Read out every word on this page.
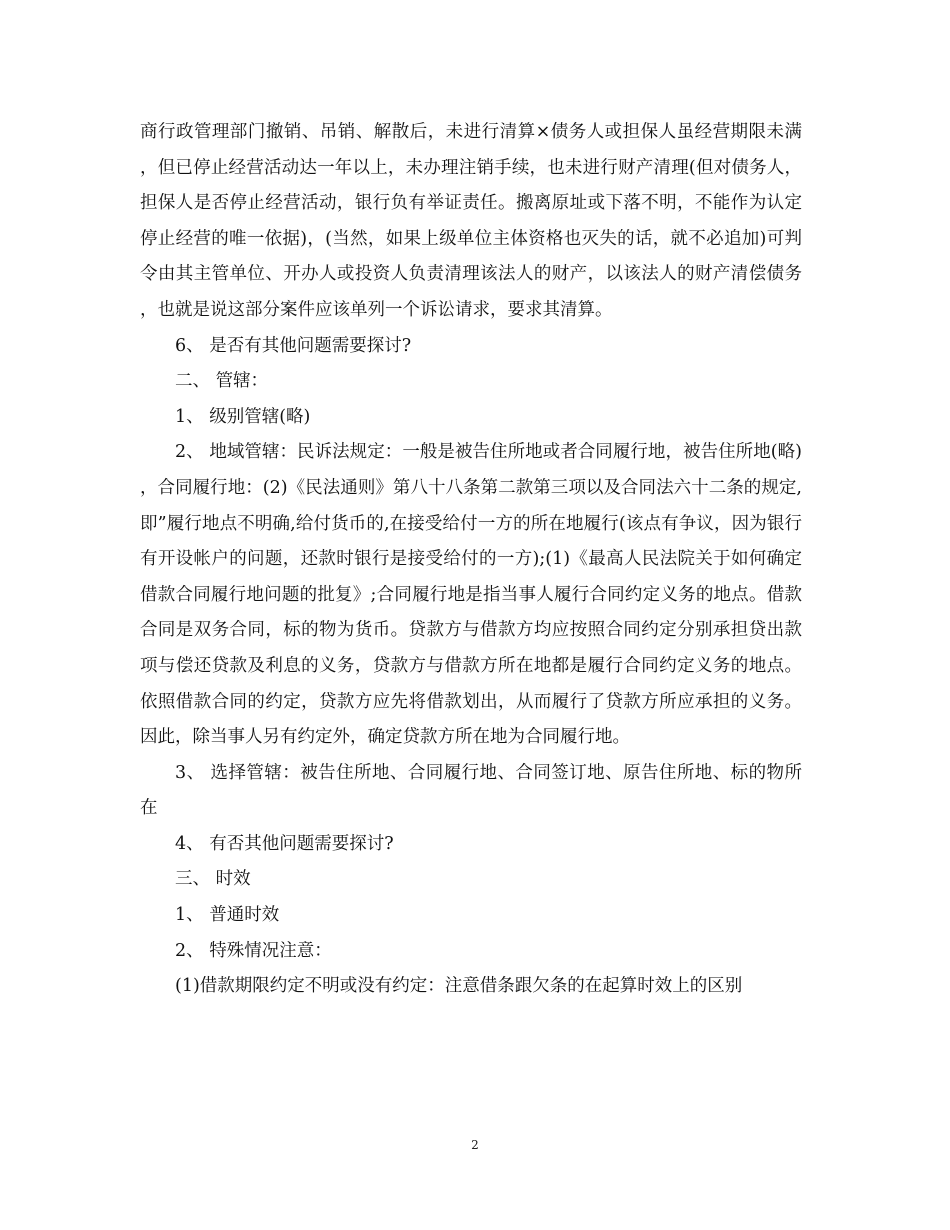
商行政管理部门撤销、吊销、解散后，未进行清算×债务人或担保人虽经营期限未满，但已停止经营活动达一年以上，未办理注销手续，也未进行财产清理(但对债务人，担保人是否停止经营活动，银行负有举证责任。搬离原址或下落不明，不能作为认定停止经营的唯一依据)，(当然，如果上级单位主体资格也灭失的话，就不必追加)可判令由其主管单位、开办人或投资人负责清理该法人的财产，以该法人的财产清偿债务，也就是说这部分案件应该单列一个诉讼请求，要求其清算。

6、 是否有其他问题需要探讨?

二、 管辖：

1、 级别管辖(略)

2、 地域管辖：民诉法规定：一般是被告住所地或者合同履行地，被告住所地(略)，合同履行地：(2)《民法通则》第八十八条第二款第三项以及合同法六十二条的规定,即”履行地点不明确,给付货币的,在接受给付一方的所在地履行(该点有争议，因为银行有开设帐户的问题，还款时银行是接受给付的一方);(1)《最高人民法院关于如何确定借款合同履行地问题的批复》;合同履行地是指当事人履行合同约定义务的地点。借款合同是双务合同，标的物为货币。贷款方与借款方均应按照合同约定分别承担贷出款项与偿还贷款及利息的义务，贷款方与借款方所在地都是履行合同约定义务的地点。依照借款合同的约定，贷款方应先将借款划出，从而履行了贷款方所应承担的义务。因此，除当事人另有约定外，确定贷款方所在地为合同履行地。

3、 选择管辖：被告住所地、合同履行地、合同签订地、原告住所地、标的物所在

4、 有否其他问题需要探讨?

三、 时效

1、 普通时效

2、 特殊情况注意：

(1)借款期限约定不明或没有约定：注意借条跟欠条的在起算时效上的区别

2
